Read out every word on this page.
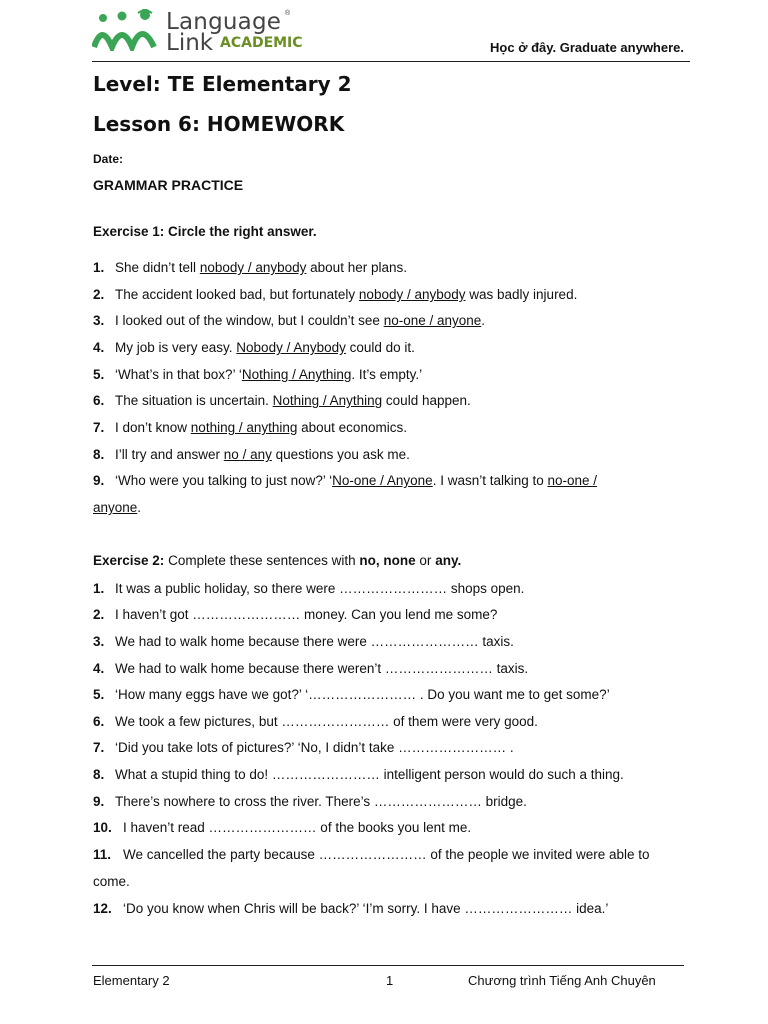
Language ®
Link ACADEMIC	Học ở đây. Graduate anywhere.
Level: TE Elementary 2
Lesson 6: HOMEWORK
Date:
GRAMMAR PRACTICE
Exercise 1: Circle the right answer.
1. She didn’t tell nobody / anybody about her plans.
2. The accident looked bad, but fortunately nobody / anybody was badly injured.
3. I looked out of the window, but I couldn’t see no-one / anyone.
4. My job is very easy. Nobody / Anybody could do it.
5. ‘What’s in that box?’ ‘Nothing / Anything. It’s empty.’
6. The situation is uncertain. Nothing / Anything could happen.
7. I don’t know nothing / anything about economics.
8. I’ll try and answer no / any questions you ask me.
9. ‘Who were you talking to just now?’ ‘No-one / Anyone. I wasn’t talking to no-one / anyone.
Exercise 2: Complete these sentences with no, none or any.
1. It was a public holiday, so there were …………………… shops open.
2. I haven’t got …………………… money. Can you lend me some?
3. We had to walk home because there were …………………… taxis.
4. We had to walk home because there weren’t …………………… taxis.
5. ‘How many eggs have we got?’ ‘…………………… . Do you want me to get some?’
6. We took a few pictures, but …………………… of them were very good.
7. ‘Did you take lots of pictures?’ ‘No, I didn’t take …………………… .
8. What a stupid thing to do! …………………… intelligent person would do such a thing.
9. There’s nowhere to cross the river. There’s …………………… bridge.
10. I haven’t read …………………… of the books you lent me.
11. We cancelled the party because …………………… of the people we invited were able to come.
12. ‘Do you know when Chris will be back?’ ‘I’m sorry. I have …………………… idea.’
Elementary 2	1	Chương trình Tiếng Anh Chuyên
